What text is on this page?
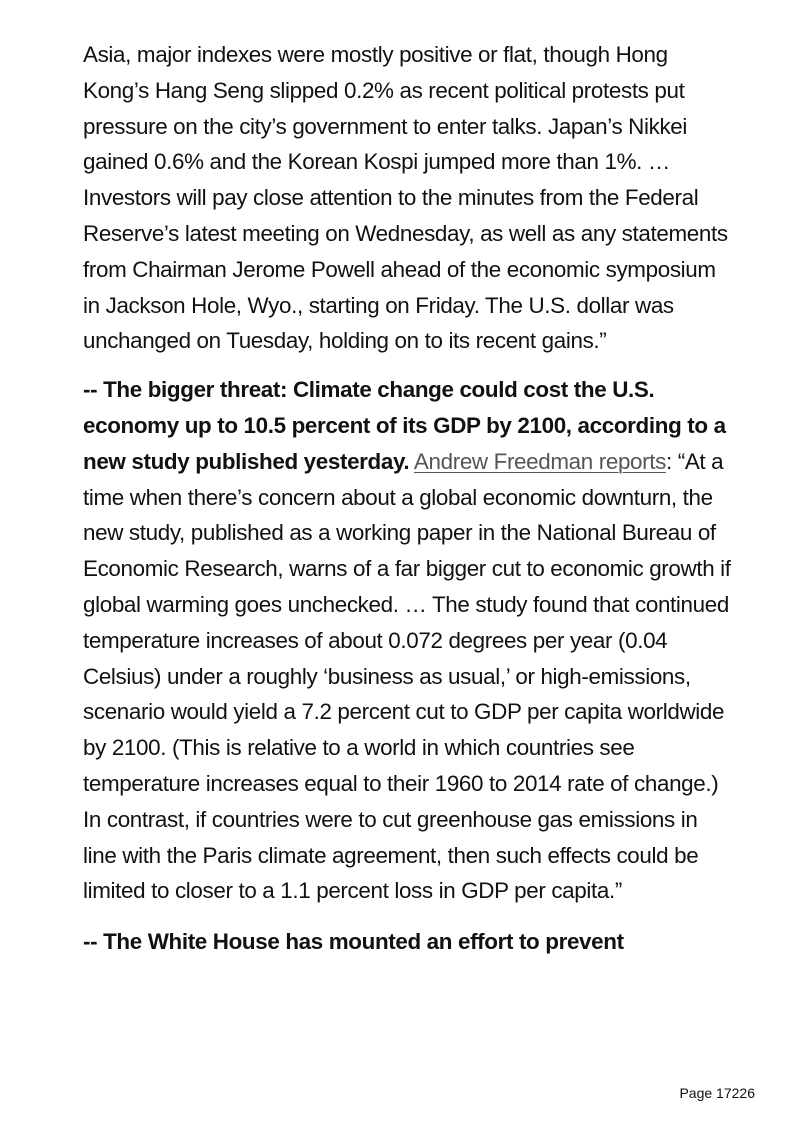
Asia, major indexes were mostly positive or flat, though Hong Kong’s Hang Seng slipped 0.2% as recent political protests put pressure on the city’s government to enter talks. Japan’s Nikkei gained 0.6% and the Korean Kospi jumped more than 1%. … Investors will pay close attention to the minutes from the Federal Reserve’s latest meeting on Wednesday, as well as any statements from Chairman Jerome Powell ahead of the economic symposium in Jackson Hole, Wyo., starting on Friday. The U.S. dollar was unchanged on Tuesday, holding on to its recent gains.”

-- The bigger threat: Climate change could cost the U.S. economy up to 10.5 percent of its GDP by 2100, according to a new study published yesterday. Andrew Freedman reports: “At a time when there’s concern about a global economic downturn, the new study, published as a working paper in the National Bureau of Economic Research, warns of a far bigger cut to economic growth if global warming goes unchecked. … The study found that continued temperature increases of about 0.072 degrees per year (0.04 Celsius) under a roughly ‘business as usual,’ or high-emissions, scenario would yield a 7.2 percent cut to GDP per capita worldwide by 2100. (This is relative to a world in which countries see temperature increases equal to their 1960 to 2014 rate of change.) In contrast, if countries were to cut greenhouse gas emissions in line with the Paris climate agreement, then such effects could be limited to closer to a 1.1 percent loss in GDP per capita.”

-- The White House has mounted an effort to prevent

Page 17226
